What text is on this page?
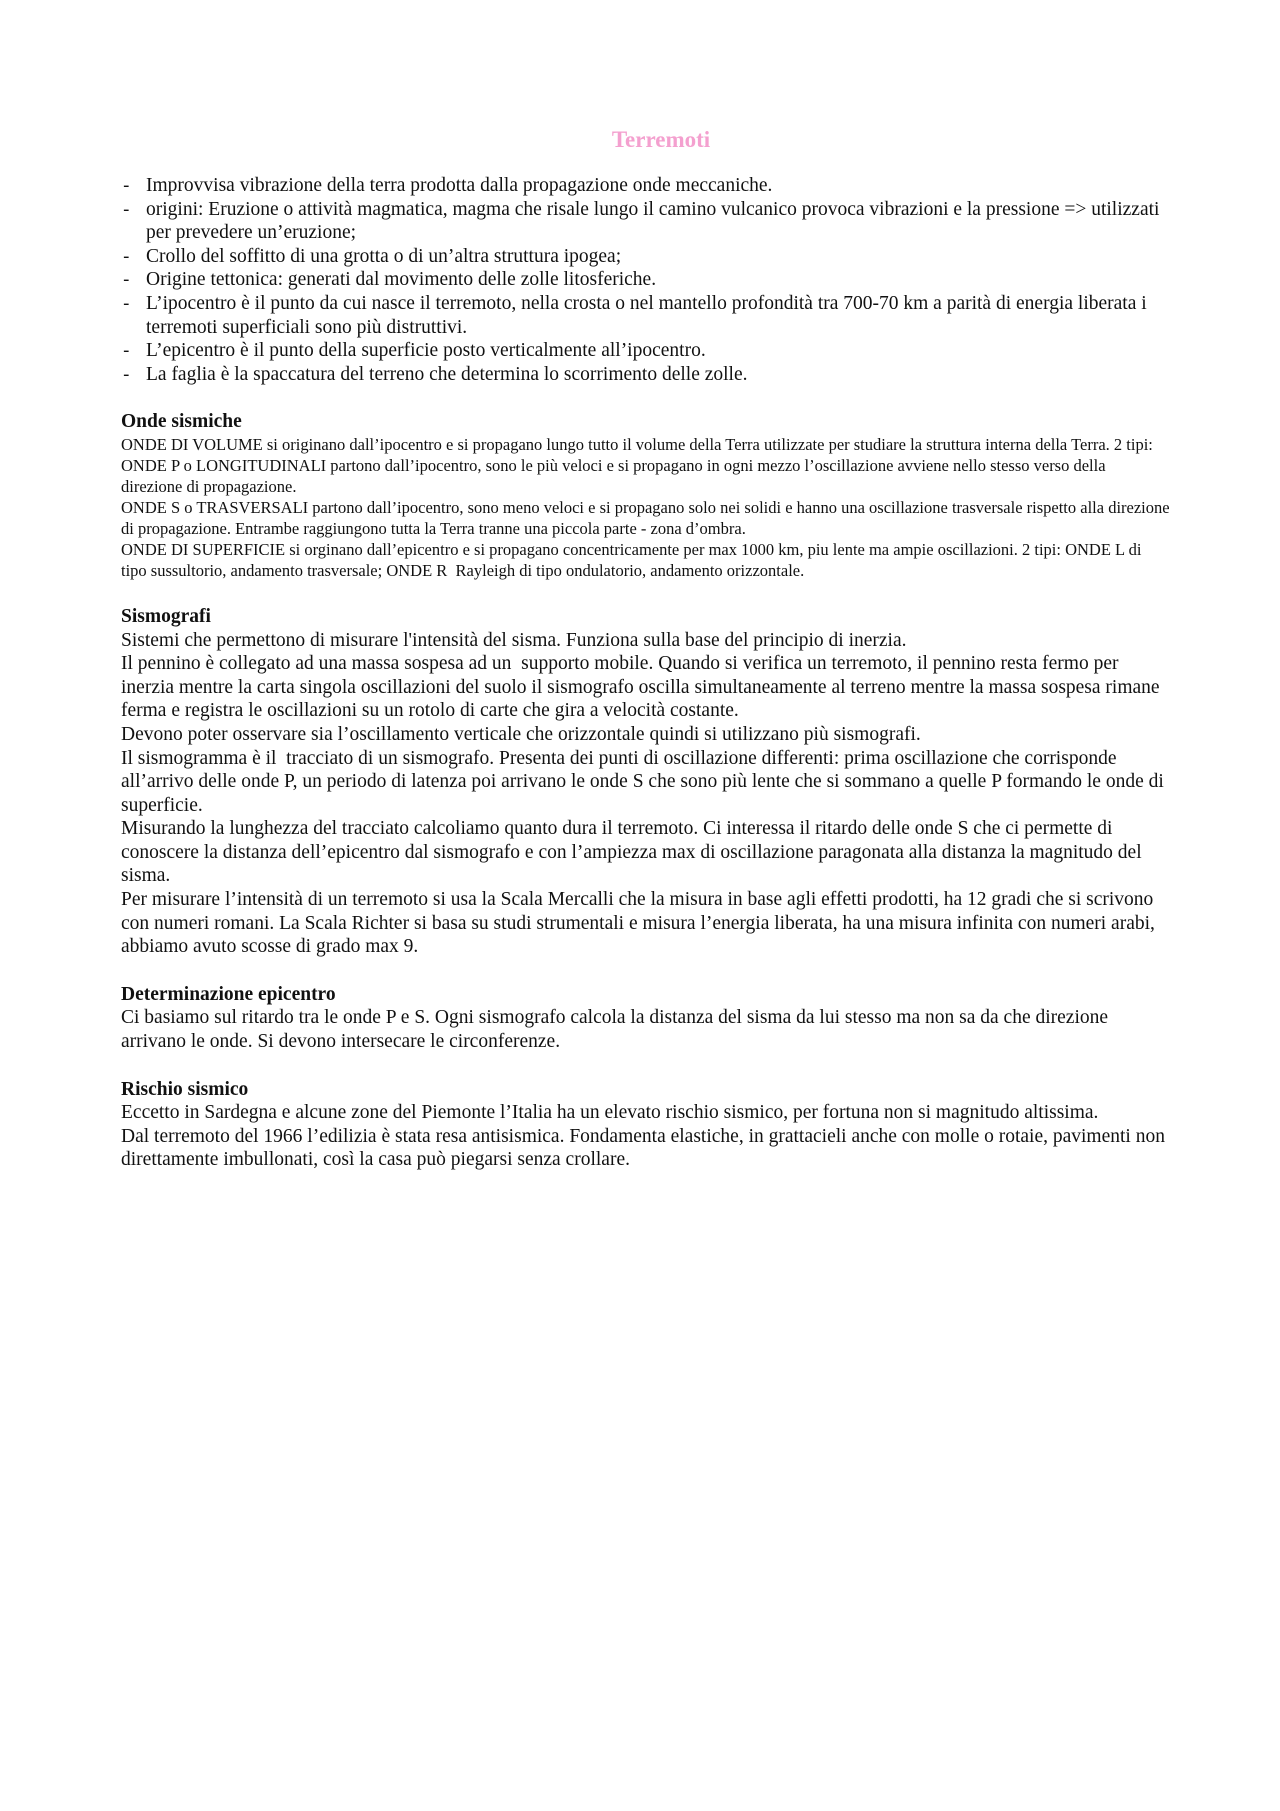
Terremoti
- Improvvisa vibrazione della terra prodotta dalla propagazione onde meccaniche.
- origini: Eruzione o attività magmatica, magma che risale lungo il camino vulcanico provoca vibrazioni e la pressione => utilizzati per prevedere un’eruzione;
- Crollo del soffitto di una grotta o di un’altra struttura ipogea;
- Origine tettonica: generati dal movimento delle zolle litosferiche.
- L’ipocentro è il punto da cui nasce il terremoto, nella crosta o nel mantello profondità tra 700-70 km a parità di energia liberata i terremoti superficiali sono più distruttivi.
- L’epicentro è il punto della superficie posto verticalmente all’ipocentro.
- La faglia è la spaccatura del terreno che determina lo scorrimento delle zolle.
Onde sismiche

ONDE DI VOLUME si originano dall’ipocentro e si propagano lungo tutto il volume della Terra utilizzate per studiare la struttura interna della Terra. 2 tipi: ONDE P o LONGITUDINALI partono dall’ipocentro, sono le più veloci e si propagano in ogni mezzo l’oscillazione avviene nello stesso verso della direzione di propagazione.

ONDE S o TRASVERSALI partono dall’ipocentro, sono meno veloci e si propagano solo nei solidi e hanno una oscillazione trasversale rispetto alla direzione di propagazione. Entrambe raggiungono tutta la Terra tranne una piccola parte - zona d’ombra.

ONDE DI SUPERFICIE si orginano dall’epicentro e si propagano concentricamente per max 1000 km, piu lente ma ampie oscillazioni. 2 tipi: ONDE L di tipo sussultorio, andamento trasversale; ONDE R  Rayleigh di tipo ondulatorio, andamento orizzontale.

Sismografi

Sistemi che permettono di misurare l'intensità del sisma. Funziona sulla base del principio di inerzia.

Il pennino è collegato ad una massa sospesa ad un  supporto mobile. Quando si verifica un terremoto, il pennino resta fermo per inerzia mentre la carta singola oscillazioni del suolo il sismografo oscilla simultaneamente al terreno mentre la massa sospesa rimane ferma e registra le oscillazioni su un rotolo di carte che gira a velocità costante.

Devono poter osservare sia l’oscillamento verticale che orizzontale quindi si utilizzano più sismografi.

Il sismogramma è il  tracciato di un sismografo. Presenta dei punti di oscillazione differenti: prima oscillazione che corrisponde all’arrivo delle onde P, un periodo di latenza poi arrivano le onde S che sono più lente che si sommano a quelle P formando le onde di superficie.

Misurando la lunghezza del tracciato calcoliamo quanto dura il terremoto. Ci interessa il ritardo delle onde S che ci permette di conoscere la distanza dell’epicentro dal sismografo e con l’ampiezza max di oscillazione paragonata alla distanza la magnitudo del sisma.

Per misurare l’intensità di un terremoto si usa la Scala Mercalli che la misura in base agli effetti prodotti, ha 12 gradi che si scrivono con numeri romani. La Scala Richter si basa su studi strumentali e misura l’energia liberata, ha una misura infinita con numeri arabi, abbiamo avuto scosse di grado max 9.

Determinazione epicentro

Ci basiamo sul ritardo tra le onde P e S. Ogni sismografo calcola la distanza del sisma da lui stesso ma non sa da che direzione arrivano le onde. Si devono intersecare le circonferenze.

Rischio sismico

Eccetto in Sardegna e alcune zone del Piemonte l’Italia ha un elevato rischio sismico, per fortuna non si magnitudo altissima.

Dal terremoto del 1966 l’edilizia è stata resa antisismica. Fondamenta elastiche, in grattacieli anche con molle o rotaie, pavimenti non direttamente imbullonati, così la casa può piegarsi senza crollare.
